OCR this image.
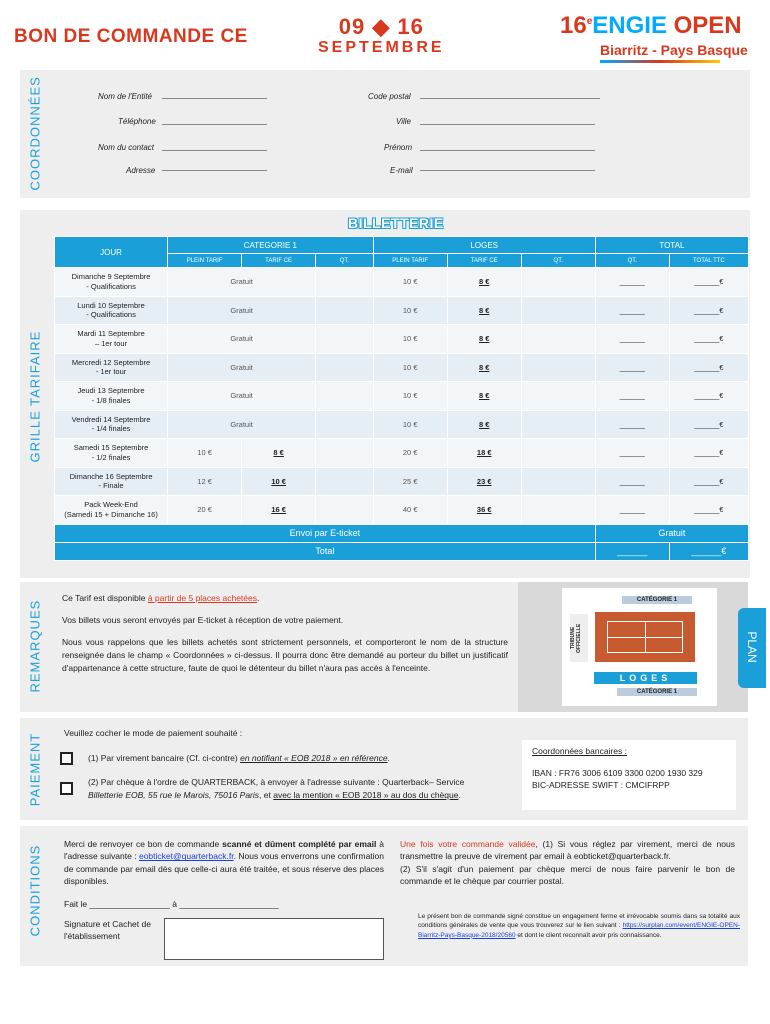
BON DE COMMANDE CE	09 ◆ 16
SEPTEMBRE
16eENGIE OPEN
Biarritz - Pays Basque
COORDONNÉES	Nom de l'Entité
Téléphone
Nom du contact
Adresse
Code postal
Ville
Prénom
E-mail
GRILLE TARIFAIRE
BILLETTERIE
JOUR	CATEGORIE 1			LOGES			TOTAL	
	PLEIN TARIF	TARIF CE	QT.	PLEIN TARIF	TARIF CE	QT.	QT.	TOTAL TTC

Dimanche 9 Septembre
- Qualifications	Gratuit			10 €	8 €		______	______€

Lundi 10 Septembre
- Qualifications	Gratuit			10 €	8 €		______	______€

Mardi 11 Septembre
– 1er tour	Gratuit			10 €	8 €		______	______€

Mercredi 12 Septembre
- 1er tour	Gratuit			10 €	8 €		______	______€

Jeudi 13 Septembre
- 1/8 finales	Gratuit			10 €	8 €		______	______€

Vendredi 14 Septembre
- 1/4 finales	Gratuit			10 €	8 €		______	______€

Samedi 15 Septembre
- 1/2 finales	10 €	8 €		20 €	18 €		______	______€

Dimanche 16 Septembre
- Finale	12 €	10 €		25 €	23 €		______	______€

Pack Week-End
(Samedi 15 + Dimanche 16)	20 €	16 €		40 €	36 €		______	______€
Envoi par E-ticket							Gratuit	
Total							______	______€
REMARQUES
Ce Tarif est disponible à partir de 5 places achetées.
Vos billets vous seront envoyés par E-ticket à réception de votre paiement.
Nous vous rappelons que les billets achetés sont strictement personnels, et comporteront le nom de la structure renseignée dans le champ « Coordonnées » ci-dessus. Il pourra donc être demandé au porteur du billet un justificatif d'appartenance à cette structure, faute de quoi le détenteur du billet n'aura pas accès à l'enceinte.
CATÉGORIE 1
TRIBUNE OFFICIELLE
LOGES
CATÉGORIE 1
PLAN
PAIEMENT	Veuillez cocher le mode de paiement souhaité :
(1) Par virement bancaire (Cf. ci-contre) en notifiant « EOB 2018 » en référence.
(2) Par chèque à l'ordre de QUARTERBACK, à envoyer à l'adresse suivante : Quarterback– Service
Billetterie EOB, 55 rue le Marois, 75016 Paris, et avec la mention « EOB 2018 » au dos du chèque.
Coordonnées bancaires :
IBAN : FR76 3006 6109 3300 0200 1930 329
BIC-ADRESSE SWIFT : CMCIFRPP
CONDITIONS
Merci de renvoyer ce bon de commande scanné et dûment complété par email à l'adresse suivante : eobticket@quarterback.fr. Nous vous enverrons une confirmation de commande par email dès que celle-ci aura été traitée, et sous réserve des places disponibles.
Fait le _________________ à _____________________
Signature et Cachet de l'établissement
Une fois votre commande validée, (1) Si vous réglez par virement, merci de nous transmettre la preuve de virement par email à eobticket@quarterback.fr.
(2) S'il s'agit d'un paiement par chèque merci de nous faire parvenir le bon de commande et le chèque par courrier postal.
Le présent bon de commande signé constitue un engagement ferme et irrévocable soumis dans sa totalité aux conditions générales de vente que vous trouverez sur le lien suivant : https://surplan.com/event/ENGIE-OPEN-Biarritz-Pays-Basque-2018/20560 et dont le client reconnaît avoir pris connaissance.
